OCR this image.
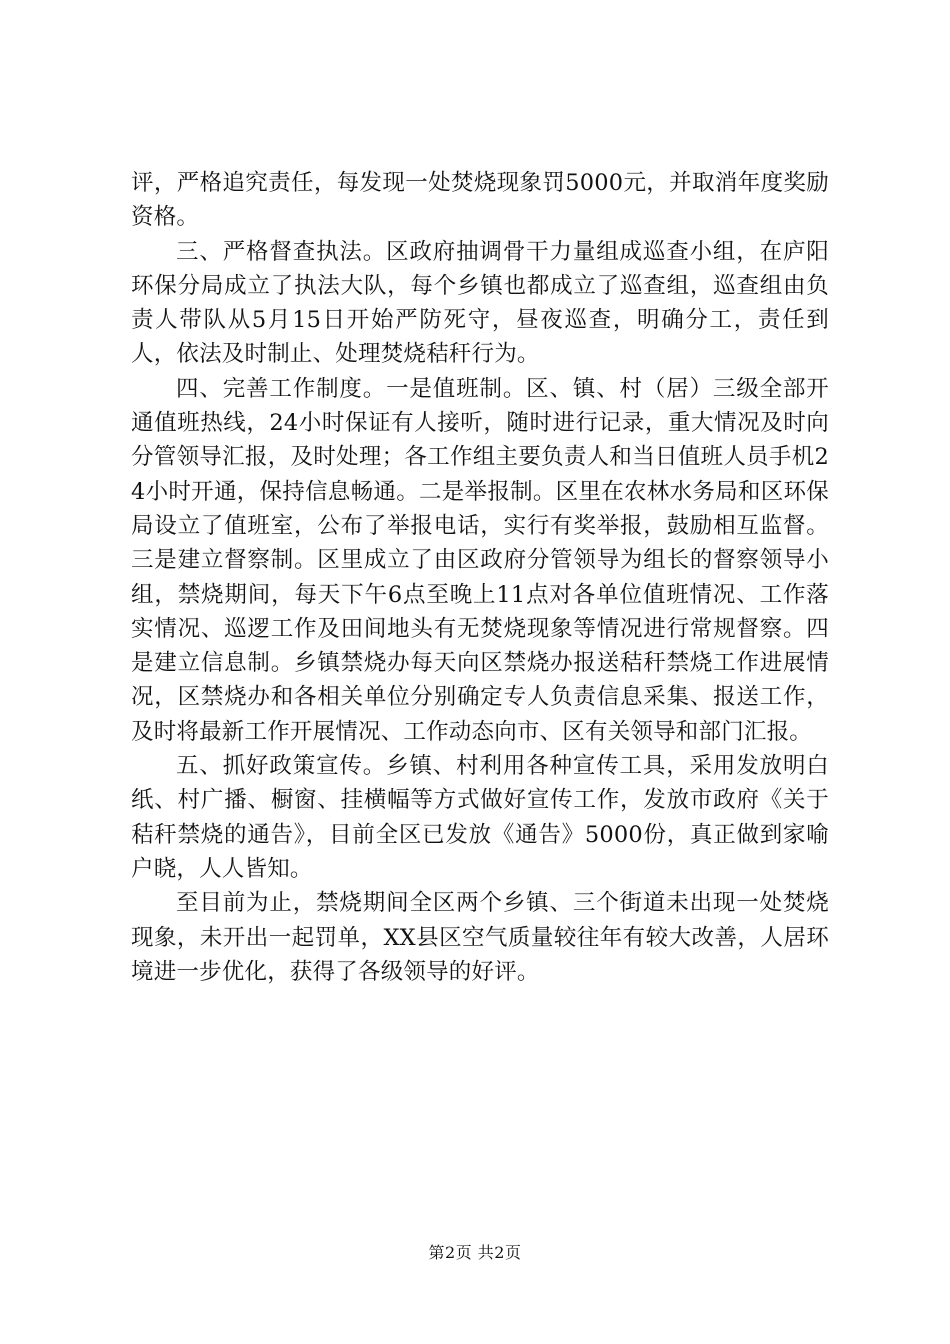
评，严格追究责任，每发现一处焚烧现象罚5000元，并取消年度奖励资格。

三、严格督查执法。区政府抽调骨干力量组成巡查小组，在庐阳环保分局成立了执法大队，每个乡镇也都成立了巡查组，巡查组由负责人带队从5月15日开始严防死守，昼夜巡查，明确分工，责任到人，依法及时制止、处理焚烧秸秆行为。

四、完善工作制度。一是值班制。区、镇、村（居）三级全部开通值班热线，24小时保证有人接听，随时进行记录，重大情况及时向分管领导汇报，及时处理；各工作组主要负责人和当日值班人员手机24小时开通，保持信息畅通。二是举报制。区里在农林水务局和区环保局设立了值班室，公布了举报电话，实行有奖举报，鼓励相互监督。三是建立督察制。区里成立了由区政府分管领导为组长的督察领导小组，禁烧期间，每天下午6点至晚上11点对各单位值班情况、工作落实情况、巡逻工作及田间地头有无焚烧现象等情况进行常规督察。四是建立信息制。乡镇禁烧办每天向区禁烧办报送秸秆禁烧工作进展情况，区禁烧办和各相关单位分别确定专人负责信息采集、报送工作，及时将最新工作开展情况、工作动态向市、区有关领导和部门汇报。

五、抓好政策宣传。乡镇、村利用各种宣传工具，采用发放明白纸、村广播、橱窗、挂横幅等方式做好宣传工作，发放市政府《关于秸秆禁烧的通告》，目前全区已发放《通告》5000份，真正做到家喻户晓，人人皆知。

至目前为止，禁烧期间全区两个乡镇、三个街道未出现一处焚烧现象，未开出一起罚单，XX县区空气质量较往年有较大改善，人居环境进一步优化，获得了各级领导的好评。

第2页 共2页
